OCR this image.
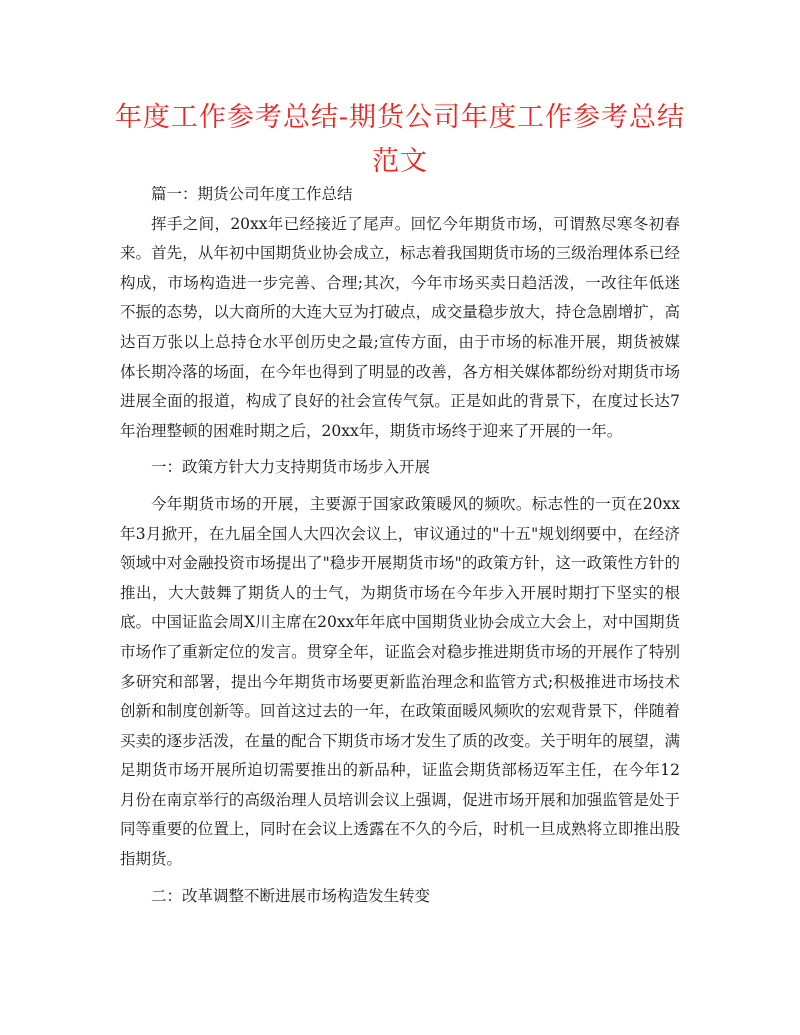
年度工作参考总结-期货公司年度工作参考总结范文

篇一：期货公司年度工作总结

挥手之间，20xx年已经接近了尾声。回忆今年期货市场，可谓熬尽寒冬初春来。首先，从年初中国期货业协会成立，标志着我国期货市场的三级治理体系已经构成，市场构造进一步完善、合理;其次，今年市场买卖日趋活泼，一改往年低迷不振的态势，以大商所的大连大豆为打破点，成交量稳步放大，持仓急剧增扩，高达百万张以上总持仓水平创历史之最;宣传方面，由于市场的标准开展，期货被媒体长期冷落的场面，在今年也得到了明显的改善，各方相关媒体都纷纷对期货市场进展全面的报道，构成了良好的社会宣传气氛。正是如此的背景下，在度过长达7年治理整顿的困难时期之后，20xx年，期货市场终于迎来了开展的一年。

一：政策方针大力支持期货市场步入开展

今年期货市场的开展，主要源于国家政策暖风的频吹。标志性的一页在20xx年3月掀开，在九届全国人大四次会议上，审议通过的"十五"规划纲要中，在经济领域中对金融投资市场提出了"稳步开展期货市场"的政策方针，这一政策性方针的推出，大大鼓舞了期货人的士气，为期货市场在今年步入开展时期打下坚实的根底。中国证监会周X川主席在20xx年年底中国期货业协会成立大会上，对中国期货市场作了重新定位的发言。贯穿全年，证监会对稳步推进期货市场的开展作了特别多研究和部署，提出今年期货市场要更新监治理念和监管方式;积极推进市场技术创新和制度创新等。回首这过去的一年，在政策面暖风频吹的宏观背景下，伴随着买卖的逐步活泼，在量的配合下期货市场才发生了质的改变。关于明年的展望，满足期货市场开展所迫切需要推出的新品种，证监会期货部杨迈军主任，在今年12月份在南京举行的高级治理人员培训会议上强调，促进市场开展和加强监管是处于同等重要的位置上，同时在会议上透露在不久的今后，时机一旦成熟将立即推出股指期货。

二：改革调整不断进展市场构造发生转变
